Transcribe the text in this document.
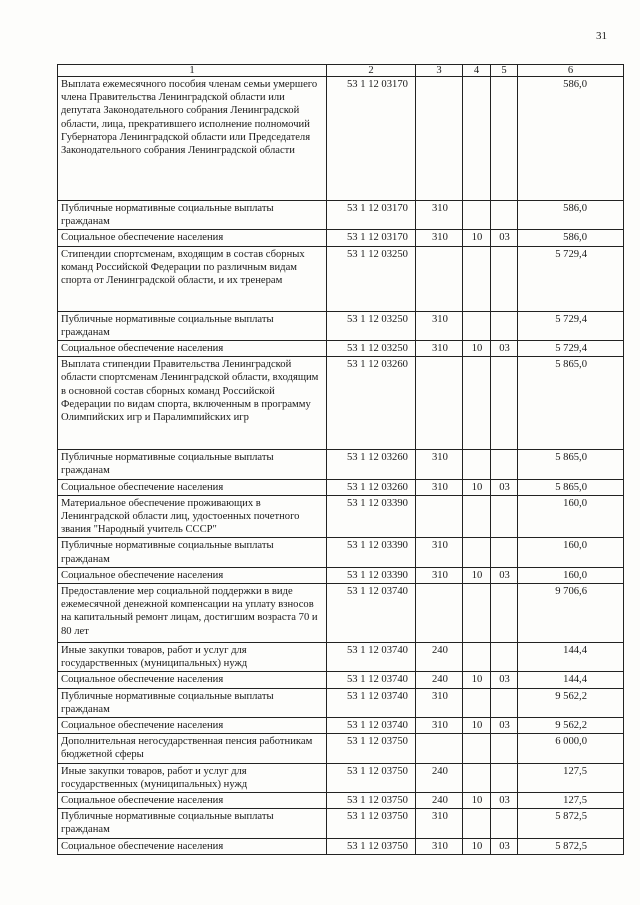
31
1	2	3	4	5	6

Выплата ежемесячного пособия членам семьи умершего члена Правительства Ленинградской области или депутата Законодательного собрания Ленинградской области, лица, прекратившего исполнение полномочий Губернатора Ленинградской области или Председателя Законодательного собрания Ленинградской области	53 1 12 03170				586,0

Публичные нормативные социальные выплаты гражданам	53 1 12 03170	310			586,0

Социальное обеспечение населения	53 1 12 03170	310	10	03	586,0

Стипендии спортсменам, входящим в состав сборных команд Российской Федерации по различным видам спорта от Ленинградской области, и их тренерам	53 1 12 03250				5 729,4

Публичные нормативные социальные выплаты гражданам	53 1 12 03250	310			5 729,4

Социальное обеспечение населения	53 1 12 03250	310	10	03	5 729,4

Выплата стипендии Правительства Ленинградской области спортсменам Ленинградской области, входящим в основной состав сборных команд Российской Федерации по видам спорта, включенным в программу Олимпийских игр и Паралимпийских игр	53 1 12 03260				5 865,0

Публичные нормативные социальные выплаты гражданам	53 1 12 03260	310			5 865,0

Социальное обеспечение населения	53 1 12 03260	310	10	03	5 865,0

Материальное обеспечение проживающих в Ленинградской области лиц, удостоенных почетного звания "Народный учитель СССР"	53 1 12 03390				160,0

Публичные нормативные социальные выплаты гражданам	53 1 12 03390	310			160,0

Социальное обеспечение населения	53 1 12 03390	310	10	03	160,0

Предоставление мер социальной поддержки в виде ежемесячной денежной компенсации на уплату взносов на капитальный ремонт лицам, достигшим возраста 70 и 80 лет	53 1 12 03740				9 706,6

Иные закупки товаров, работ и услуг для государственных (муниципальных) нужд	53 1 12 03740	240			144,4

Социальное обеспечение населения	53 1 12 03740	240	10	03	144,4

Публичные нормативные социальные выплаты гражданам	53 1 12 03740	310			9 562,2

Социальное обеспечение населения	53 1 12 03740	310	10	03	9 562,2

Дополнительная негосударственная пенсия работникам бюджетной сферы	53 1 12 03750				6 000,0

Иные закупки товаров, работ и услуг для государственных (муниципальных) нужд	53 1 12 03750	240			127,5

Социальное обеспечение населения	53 1 12 03750	240	10	03	127,5

Публичные нормативные социальные выплаты гражданам	53 1 12 03750	310			5 872,5

Социальное обеспечение населения	53 1 12 03750	310	10	03	5 872,5
